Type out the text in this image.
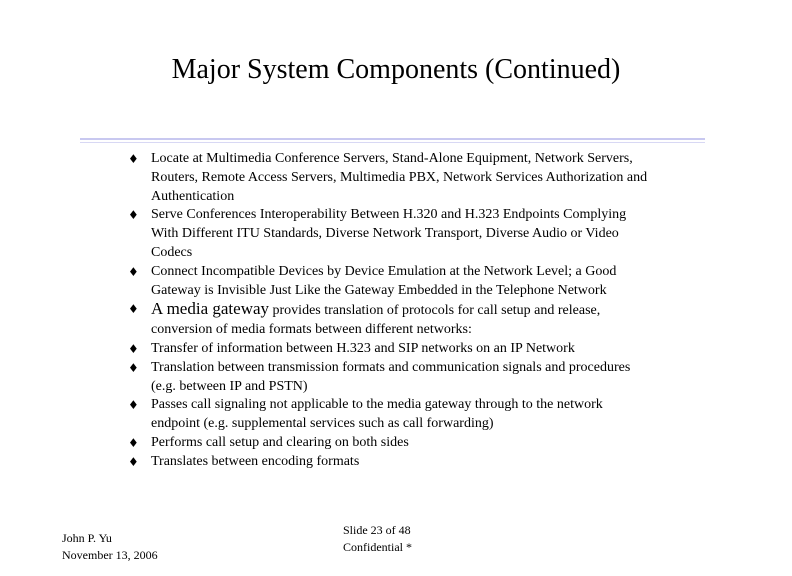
Major System Components (Continued)
♦ Locate at Multimedia Conference Servers, Stand-Alone Equipment, Network Servers, Routers, Remote Access Servers, Multimedia PBX, Network Services Authorization and Authentication
♦ Serve Conferences Interoperability Between H.320 and H.323 Endpoints Complying With Different ITU Standards, Diverse Network Transport, Diverse Audio or Video Codecs
♦ Connect Incompatible Devices by Device Emulation at the Network Level; a Good Gateway is Invisible Just Like the Gateway Embedded in the Telephone Network
♦ A media gateway provides translation of protocols for call setup and release, conversion of media formats between different networks:
♦ Transfer of information between H.323 and SIP networks on an IP Network
♦ Translation between transmission formats and communication signals and procedures (e.g. between IP and PSTN)
♦ Passes call signaling not applicable to the media gateway through to the network endpoint (e.g. supplemental services such as call forwarding)
♦ Performs call setup and clearing on both sides
♦ Translates between encoding formats
John P. Yu
November 13, 2006
Slide 23 of 48
Confidential *
